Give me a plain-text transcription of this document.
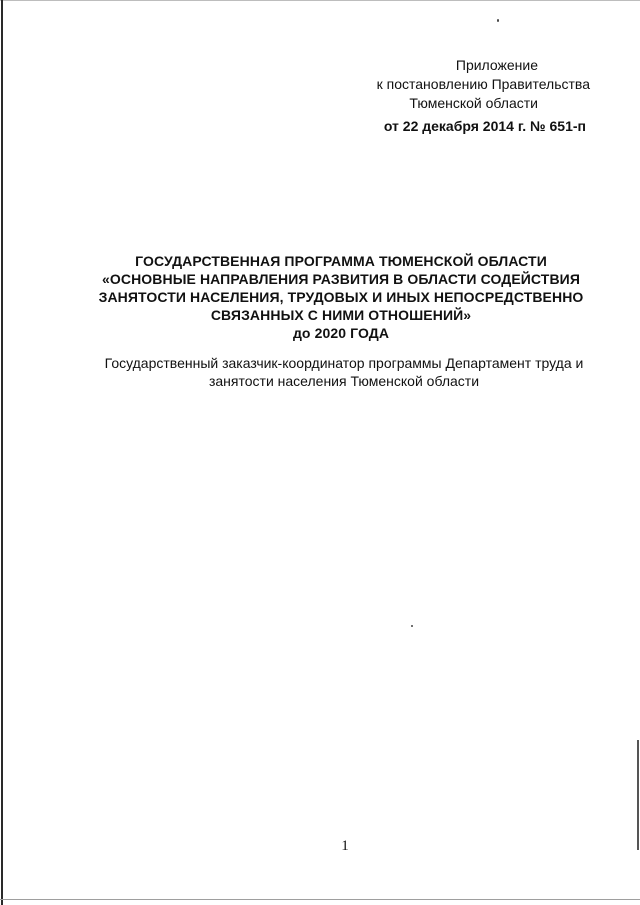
Приложение
к постановлению Правительства
Тюменской области
от 22 декабря 2014 г. № 651-п
ГОСУДАРСТВЕННАЯ ПРОГРАММА ТЮМЕНСКОЙ ОБЛАСТИ
«ОСНОВНЫЕ НАПРАВЛЕНИЯ РАЗВИТИЯ В ОБЛАСТИ СОДЕЙСТВИЯ
ЗАНЯТОСТИ НАСЕЛЕНИЯ, ТРУДОВЫХ И ИНЫХ НЕПОСРЕДСТВЕННО
СВЯЗАННЫХ С НИМИ ОТНОШЕНИЙ»
до 2020 ГОДА
Государственный заказчик-координатор программы Департамент труда и
занятости населения Тюменской области
1
